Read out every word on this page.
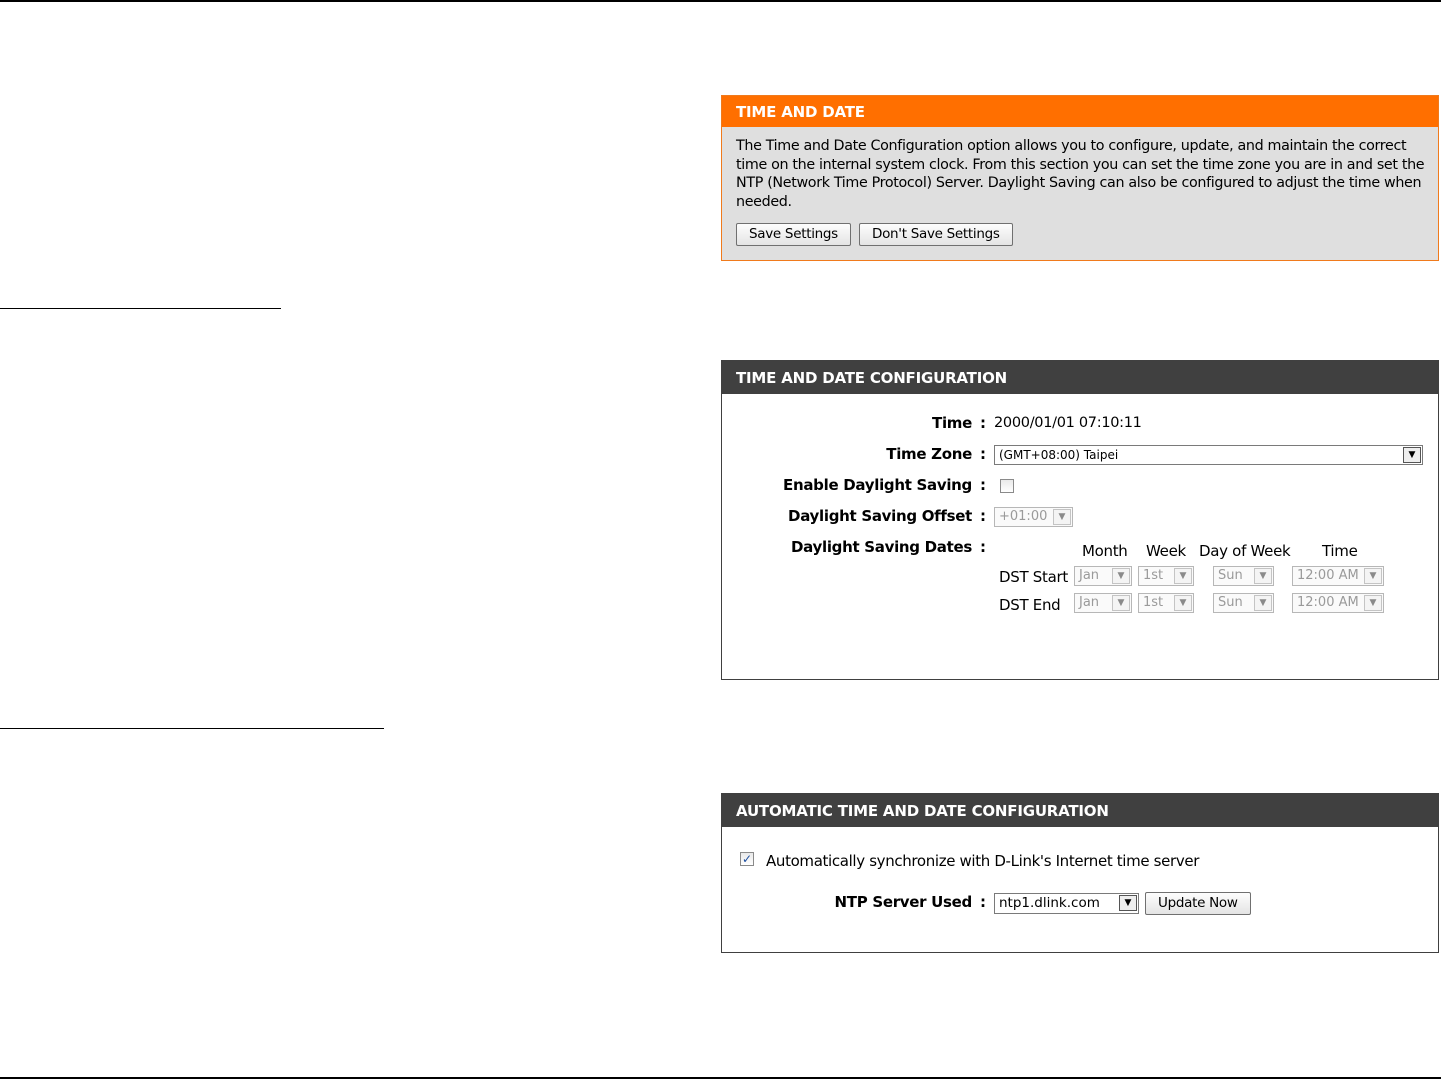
TIME AND DATE

The Time and Date Configuration option allows you to configure, update, and maintain the correct time on the internal system clock. From this section you can set the time zone you are in and set the NTP (Network Time Protocol) Server. Daylight Saving can also be configured to adjust the time when needed.

Save Settings	Don't Save Settings
TIME AND DATE CONFIGURATION
Time : 2000/01/01 07:10:11
Time Zone :	(GMT+08:00) Taipei	▼
Enable Daylight Saving :
Daylight Saving Offset :	+01:00	▼
Daylight Saving Dates :	Month Week Day of Week Time
DST Start Jan	▼	1st	▼	Sun	▼	12:00 AM	▼
DST End	Jan	▼	1st	▼	Sun	▼	12:00 AM	▼
AUTOMATIC TIME AND DATE CONFIGURATION
✓ Automatically synchronize with D-Link's Internet time server
NTP Server Used : ntp1.dlink.com	▼	Update Now
